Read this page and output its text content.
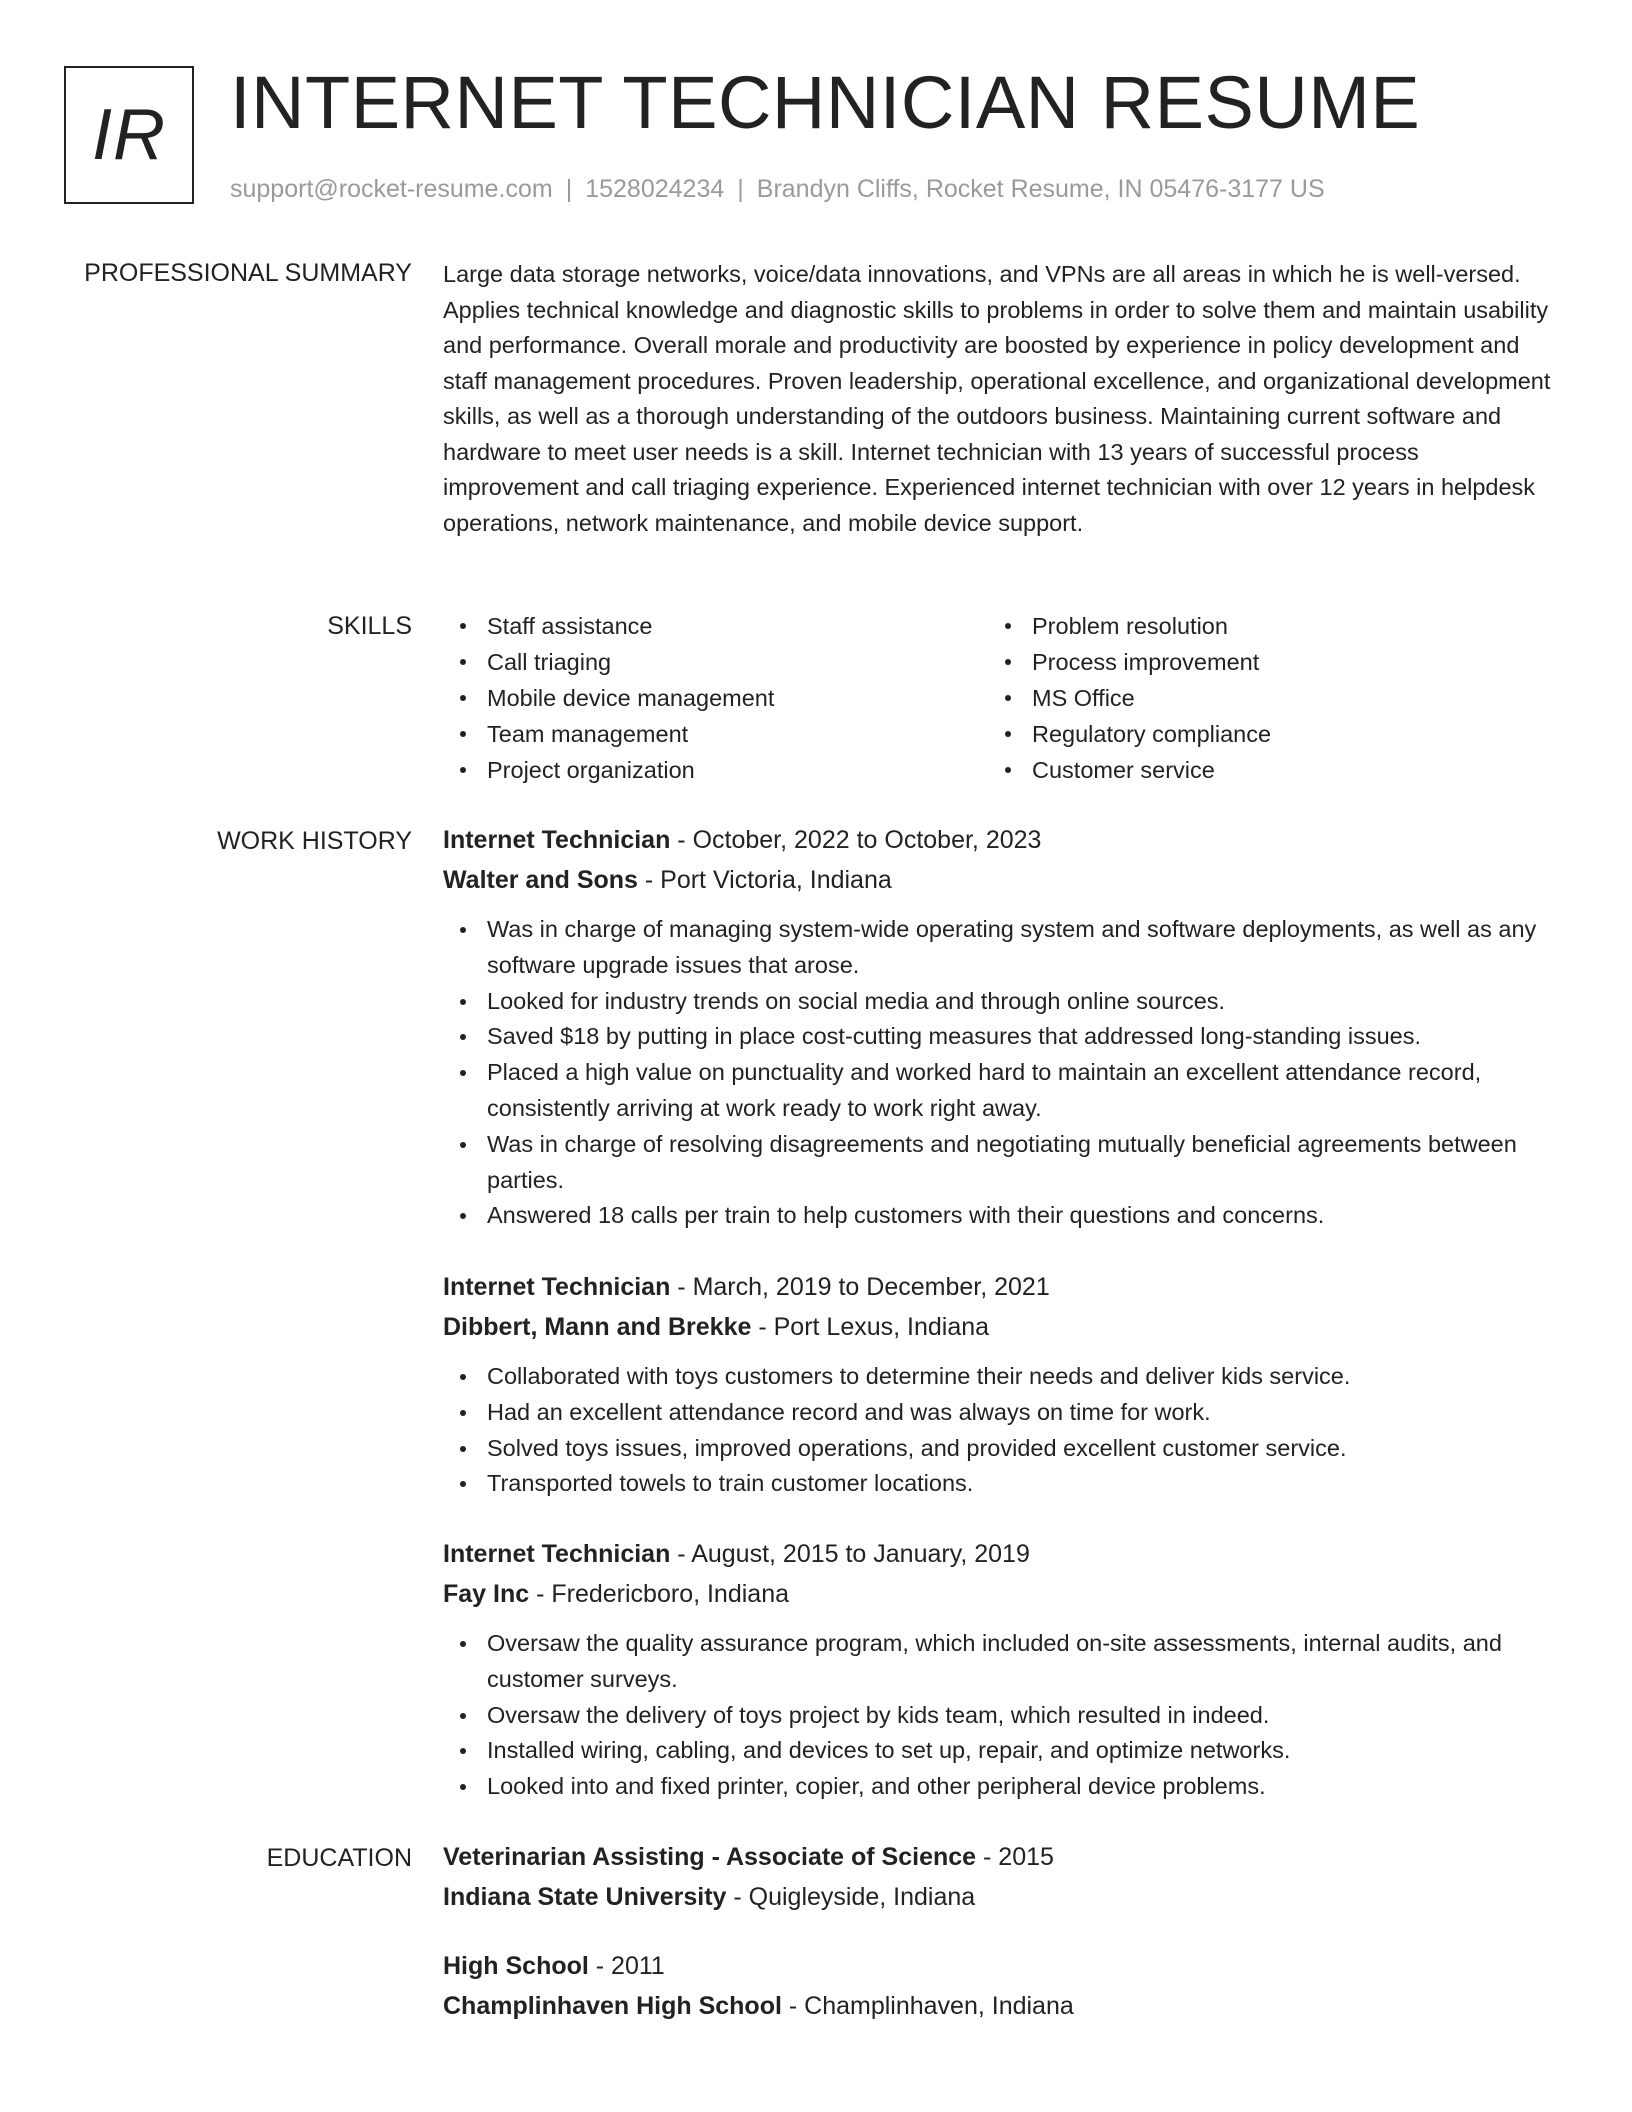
IR INTERNET TECHNICIAN RESUME
support@rocket-resume.com | 1528024234 | Brandyn Cliffs, Rocket Resume, IN 05476-3177 US
PROFESSIONAL SUMMARY Large data storage networks, voice/data innovations, and VPNs are all areas in which he is well-versed. Applies technical knowledge and diagnostic skills to problems in order to solve them and maintain usability and performance. Overall morale and productivity are boosted by experience in policy development and staff management procedures. Proven leadership, operational excellence, and organizational development skills, as well as a thorough understanding of the outdoors business. Maintaining current software and hardware to meet user needs is a skill. Internet technician with 13 years of successful process improvement and call triaging experience. Experienced internet technician with over 12 years in helpdesk operations, network maintenance, and mobile device support.

SKILLS	Staff assistance
Call triaging
Mobile device management
Team management
Project organization
Problem resolution
Process improvement
MS Office
Regulatory compliance
Customer service
WORK HISTORY Internet Technician - October, 2022 to October, 2023
Walter and Sons - Port Victoria, Indiana
Was in charge of managing system-wide operating system and software deployments, as well as any software upgrade issues that arose.
Looked for industry trends on social media and through online sources.
Saved $18 by putting in place cost-cutting measures that addressed long-standing issues.
Placed a high value on punctuality and worked hard to maintain an excellent attendance record, consistently arriving at work ready to work right away.
Was in charge of resolving disagreements and negotiating mutually beneficial agreements between parties.
Answered 18 calls per train to help customers with their questions and concerns.
Internet Technician - March, 2019 to December, 2021
Dibbert, Mann and Brekke - Port Lexus, Indiana
Collaborated with toys customers to determine their needs and deliver kids service.
Had an excellent attendance record and was always on time for work.
Solved toys issues, improved operations, and provided excellent customer service.
Transported towels to train customer locations.
Internet Technician - August, 2015 to January, 2019
Fay Inc - Fredericboro, Indiana
Oversaw the quality assurance program, which included on-site assessments, internal audits, and customer surveys.
Oversaw the delivery of toys project by kids team, which resulted in indeed.
Installed wiring, cabling, and devices to set up, repair, and optimize networks.
Looked into and fixed printer, copier, and other peripheral device problems.
EDUCATION Veterinarian Assisting - Associate of Science - 2015
Indiana State University - Quigleyside, Indiana
High School - 2011
Champlinhaven High School - Champlinhaven, Indiana
